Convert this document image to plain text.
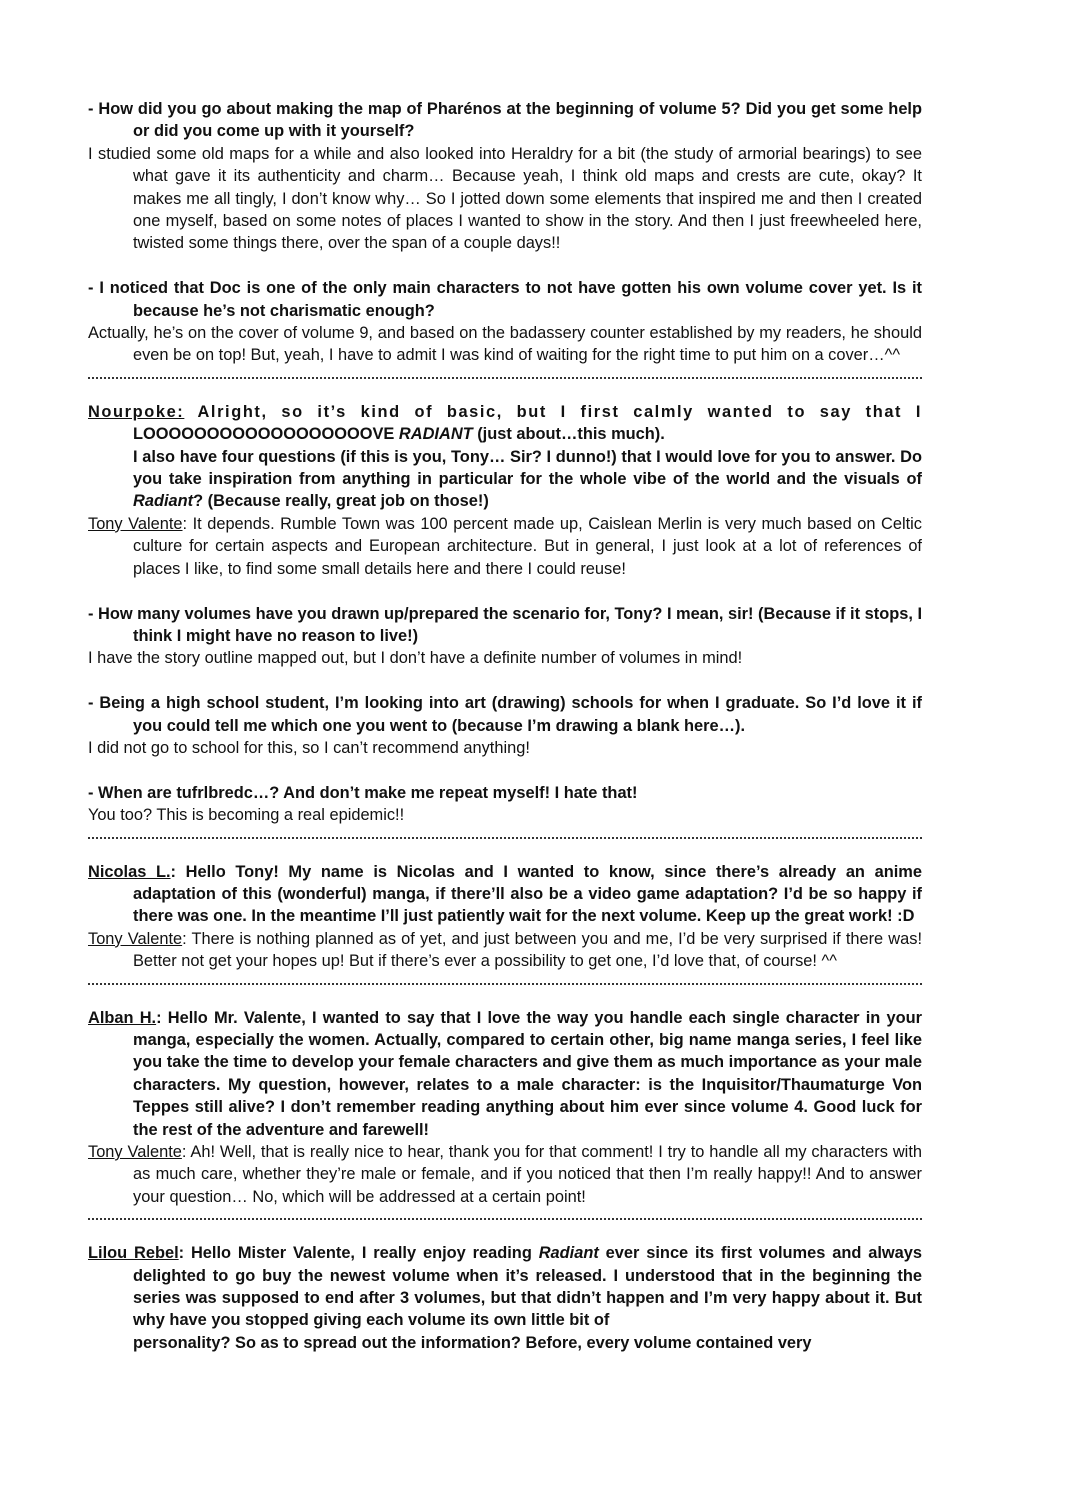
- How did you go about making the map of Pharénos at the beginning of volume 5? Did you get some help or did you come up with it yourself?

I studied some old maps for a while and also looked into Heraldry for a bit (the study of armorial bearings) to see what gave it its authenticity and charm… Because yeah, I think old maps and crests are cute, okay? It makes me all tingly, I don’t know why… So I jotted down some elements that inspired me and then I created one myself, based on some notes of places I wanted to show in the story. And then I just freewheeled here, twisted some things there, over the span of a couple days!!

- I noticed that Doc is one of the only main characters to not have gotten his own volume cover yet. Is it because he’s not charismatic enough?

Actually, he’s on the cover of volume 9, and based on the badassery counter established by my readers, he should even be on top! But, yeah, I have to admit I was kind of waiting for the right time to put him on a cover…^^

Nourpoke: Alright, so it’s kind of basic, but I first calmly wanted to say that I LOOOOOOOOOOOOOOOOOOVE RADIANT (just about…this much).

I also have four questions (if this is you, Tony… Sir? I dunno!) that I would love for you to answer. Do you take inspiration from anything in particular for the whole vibe of the world and the visuals of Radiant? (Because really, great job on those!)

Tony Valente: It depends. Rumble Town was 100 percent made up, Caislean Merlin is very much based on Celtic culture for certain aspects and European architecture. But in general, I just look at a lot of references of places I like, to find some small details here and there I could reuse!

- How many volumes have you drawn up/prepared the scenario for, Tony? I mean, sir! (Because if it stops, I think I might have no reason to live!)

I have the story outline mapped out, but I don’t have a definite number of volumes in mind!

- Being a high school student, I’m looking into art (drawing) schools for when I graduate. So I’d love it if you could tell me which one you went to (because I’m drawing a blank here…).

I did not go to school for this, so I can’t recommend anything!

- When are tufrlbredc…? And don’t make me repeat myself! I hate that!

You too? This is becoming a real epidemic!!

Nicolas L.: Hello Tony! My name is Nicolas and I wanted to know, since there’s already an anime adaptation of this (wonderful) manga, if there’ll also be a video game adaptation? I’d be so happy if there was one. In the meantime I’ll just patiently wait for the next volume. Keep up the great work! :D

Tony Valente: There is nothing planned as of yet, and just between you and me, I’d be very surprised if there was! Better not get your hopes up! But if there’s ever a possibility to get one, I’d love that, of course! ^^

Alban H.: Hello Mr. Valente, I wanted to say that I love the way you handle each single character in your manga, especially the women. Actually, compared to certain other, big name manga series, I feel like you take the time to develop your female characters and give them as much importance as your male characters. My question, however, relates to a male character: is the Inquisitor/Thaumaturge Von Teppes still alive? I don’t remember reading anything about him ever since volume 4. Good luck for the rest of the adventure and farewell!

Tony Valente: Ah! Well, that is really nice to hear, thank you for that comment! I try to handle all my characters with as much care, whether they’re male or female, and if you noticed that then I’m really happy!! And to answer your question… No, which will be addressed at a certain point!

Lilou Rebel: Hello Mister Valente, I really enjoy reading Radiant ever since its first volumes and always delighted to go buy the newest volume when it’s released. I understood that in the beginning the series was supposed to end after 3 volumes, but that didn’t happen and I’m very happy about it. But why have you stopped giving each volume its own little bit of

personality? So as to spread out the information? Before, every volume contained very
